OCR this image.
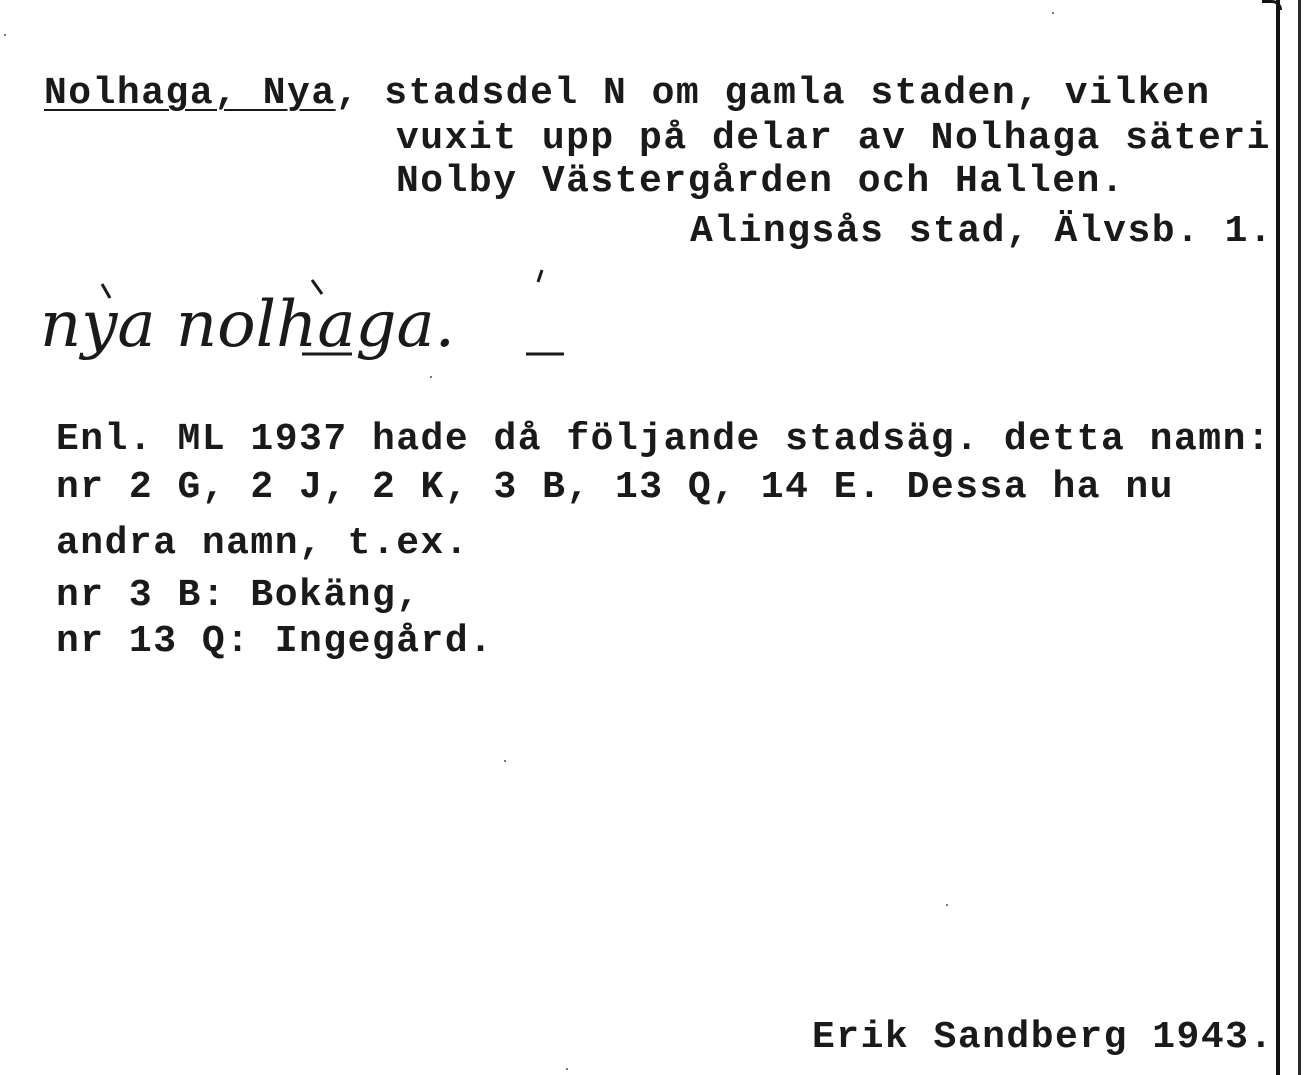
Nolhaga, Nya, stadsdel N om gamla staden, vilken
vuxit upp på delar av Nolhaga säteri
Nolby Västergården och Hallen.
Alingsås stad, Älvsb. 1.
nya nolhaga.
Enl. ML 1937 hade då följande stadsäg. detta namn:
nr 2 G, 2 J, 2 K, 3 B, 13 Q, 14 E. Dessa ha nu
andra namn, t.ex.
nr 3 B: Bokäng,
nr 13 Q: Ingegård.
Erik Sandberg 1943.
